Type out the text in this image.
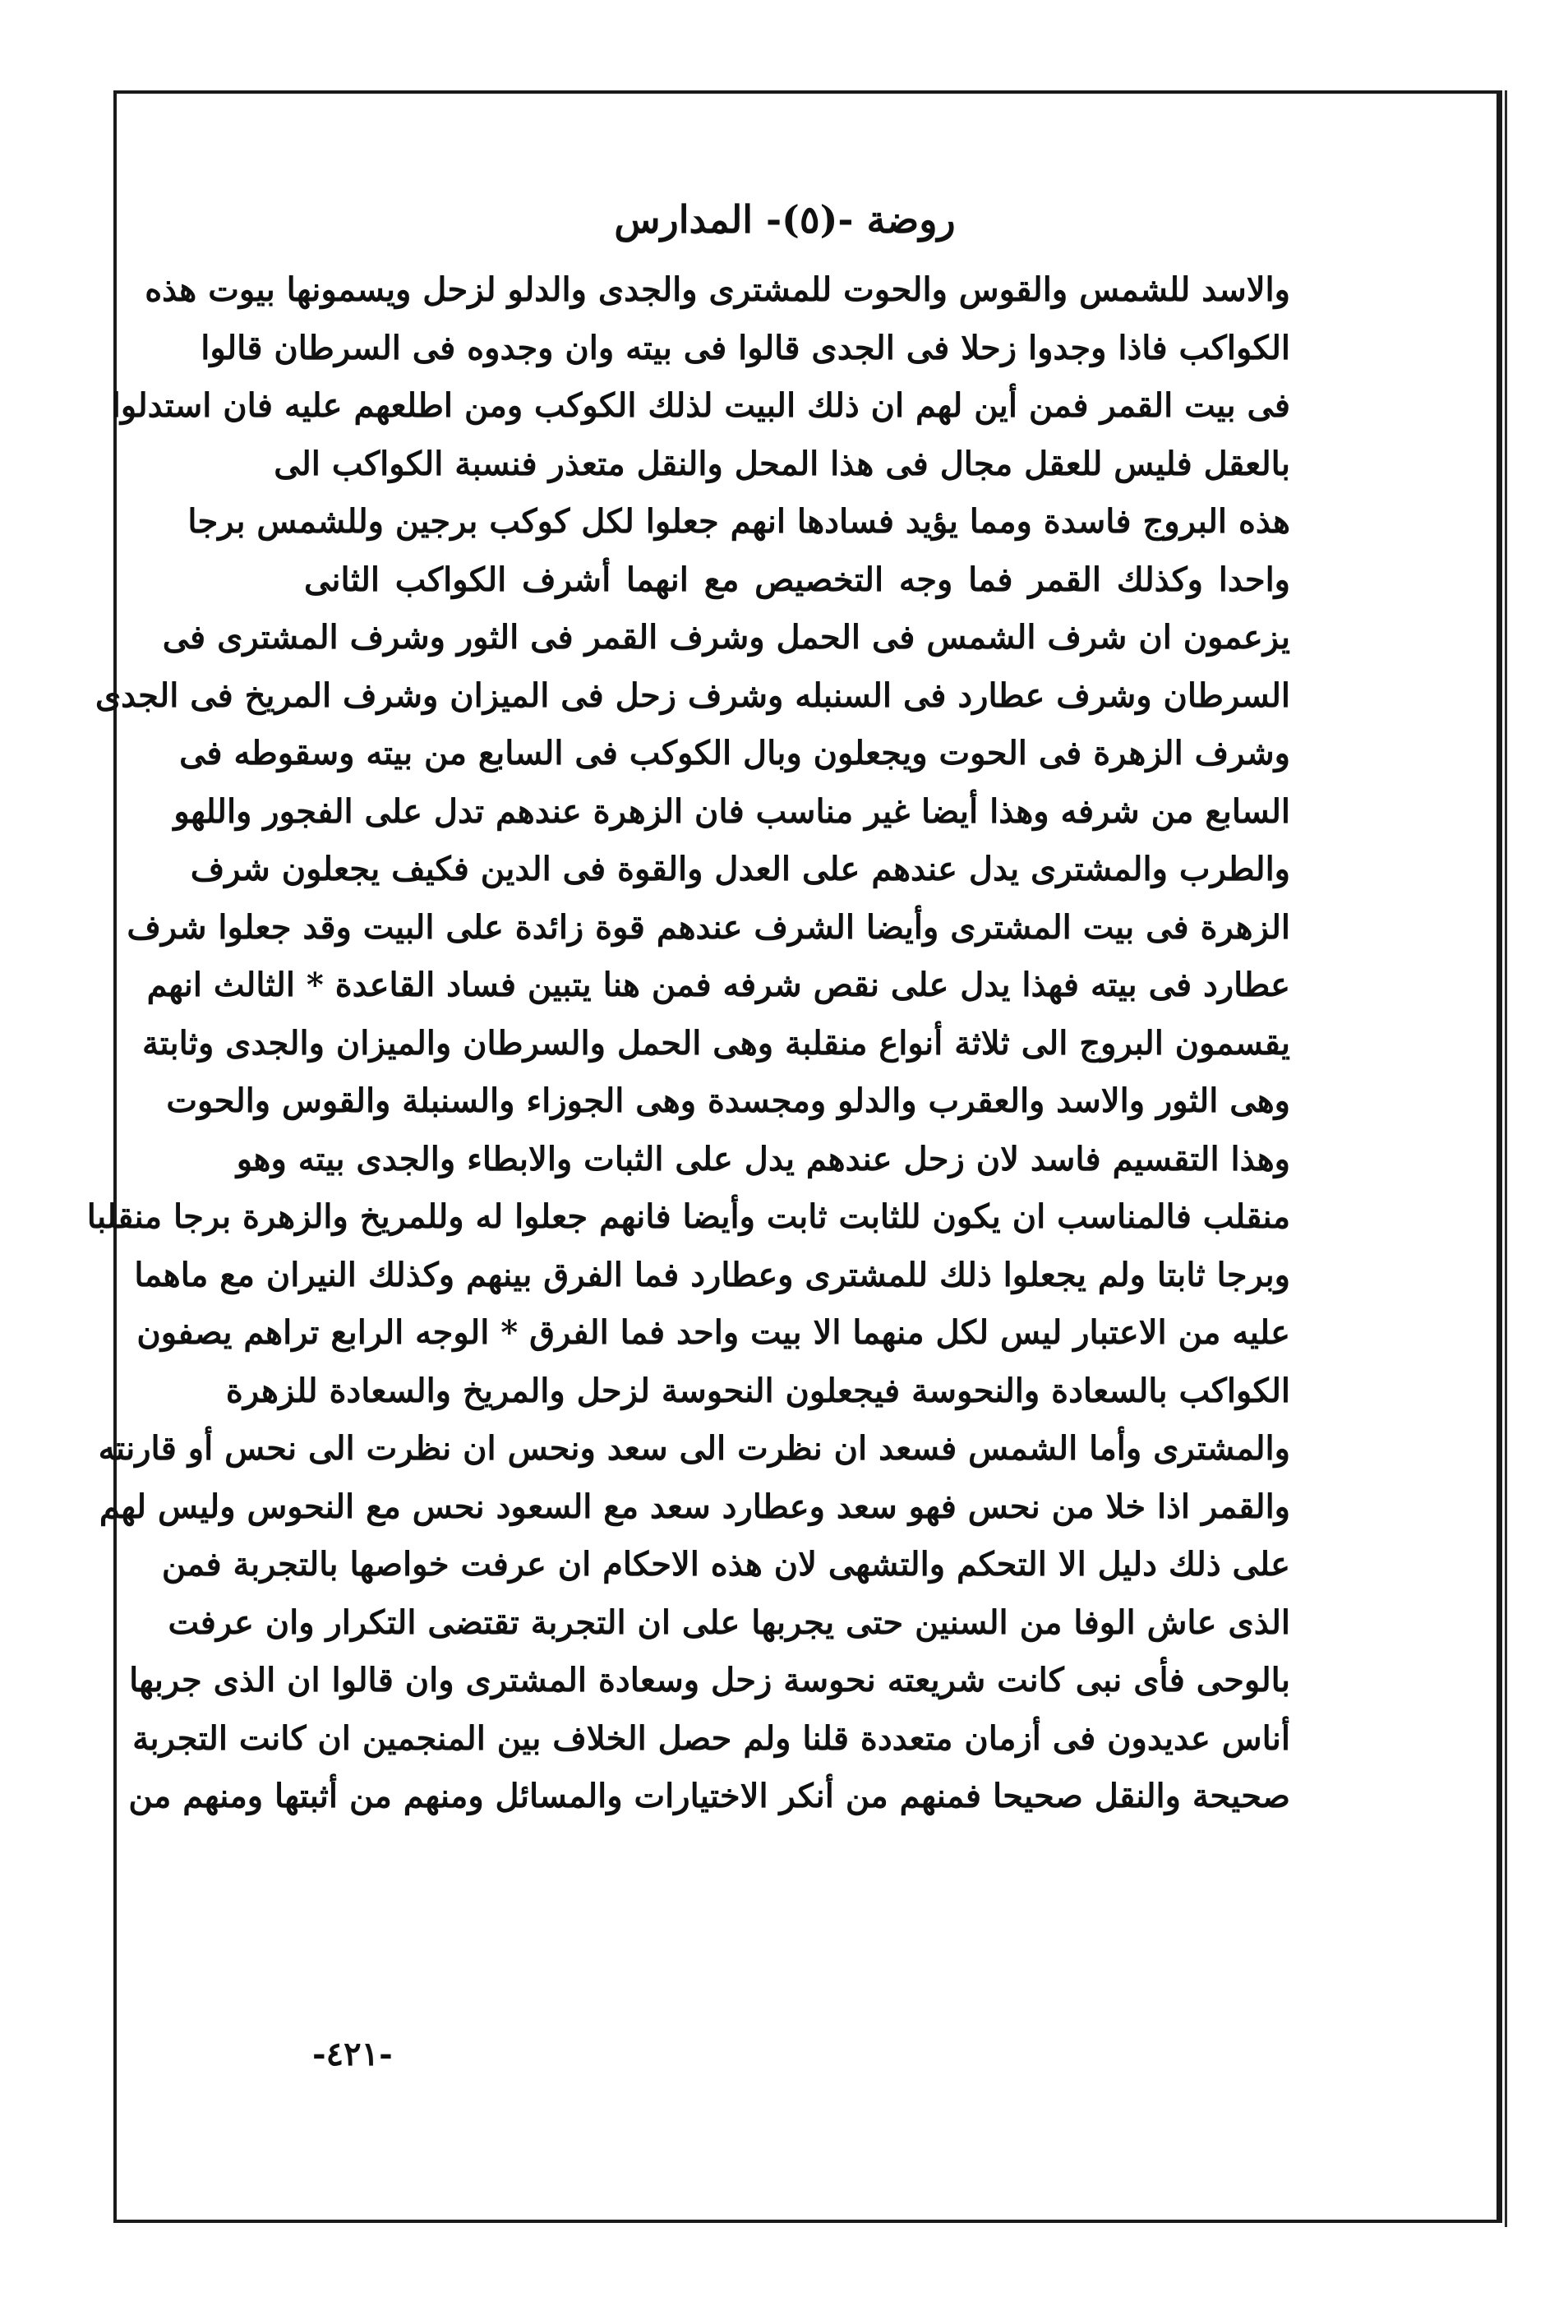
روضة -(٥)- المدارس
والاسد للشمس والقوس والحوت للمشترى والجدى والدلو لزحل ويسمونها بيوت هذه
الكواكب فاذا وجدوا زحلا فى الجدى قالوا فى بيته وان وجدوه فى السرطان قالوا
فى بيت القمر فمن أين لهم ان ذلك البيت لذلك الكوكب ومن اطلعهم عليه فان استدلوا
بالعقل فليس للعقل مجال فى هذا المحل والنقل متعذر فنسبة الكواكب الى
هذه البروج فاسدة ومما يؤيد فسادها انهم جعلوا لكل كوكب برجين وللشمس برجا
واحدا وكذلك القمر فما وجه التخصيص مع انهما أشرف الكواكب الثانى
يزعمون ان شرف الشمس فى الحمل وشرف القمر فى الثور وشرف المشترى فى
السرطان وشرف عطارد فى السنبله وشرف زحل فى الميزان وشرف المريخ فى الجدى
وشرف الزهرة فى الحوت ويجعلون وبال الكوكب فى السابع من بيته وسقوطه فى
السابع من شرفه وهذا أيضا غير مناسب فان الزهرة عندهم تدل على الفجور واللهو
والطرب والمشترى يدل عندهم على العدل والقوة فى الدين فكيف يجعلون شرف
الزهرة فى بيت المشترى وأيضا الشرف عندهم قوة زائدة على البيت وقد جعلوا شرف
عطارد فى بيته فهذا يدل على نقص شرفه فمن هنا يتبين فساد القاعدة * الثالث انهم
يقسمون البروج الى ثلاثة أنواع منقلبة وهى الحمل والسرطان والميزان والجدى وثابتة
وهى الثور والاسد والعقرب والدلو ومجسدة وهى الجوزاء والسنبلة والقوس والحوت
وهذا التقسيم فاسد لان زحل عندهم يدل على الثبات والابطاء والجدى بيته وهو
منقلب فالمناسب ان يكون للثابت ثابت وأيضا فانهم جعلوا له وللمريخ والزهرة برجا منقلبا
وبرجا ثابتا ولم يجعلوا ذلك للمشترى وعطارد فما الفرق بينهم وكذلك النيران مع ماهما
عليه من الاعتبار ليس لكل منهما الا بيت واحد فما الفرق * الوجه الرابع تراهم يصفون
الكواكب بالسعادة والنحوسة فيجعلون النحوسة لزحل والمريخ والسعادة للزهرة
والمشترى وأما الشمس فسعد ان نظرت الى سعد ونحس ان نظرت الى نحس أو قارنته
والقمر اذا خلا من نحس فهو سعد وعطارد سعد مع السعود نحس مع النحوس وليس لهم
على ذلك دليل الا التحكم والتشهى لان هذه الاحكام ان عرفت خواصها بالتجربة فمن
الذى عاش الوفا من السنين حتى يجربها على ان التجربة تقتضى التكرار وان عرفت
بالوحى فأى نبى كانت شريعته نحوسة زحل وسعادة المشترى وان قالوا ان الذى جربها
أناس عديدون فى أزمان متعددة قلنا ولم حصل الخلاف بين المنجمين ان كانت التجربة
صحيحة والنقل صحيحا فمنهم من أنكر الاختيارات والمسائل ومنهم من أثبتها ومنهم من
-٤٢١-
